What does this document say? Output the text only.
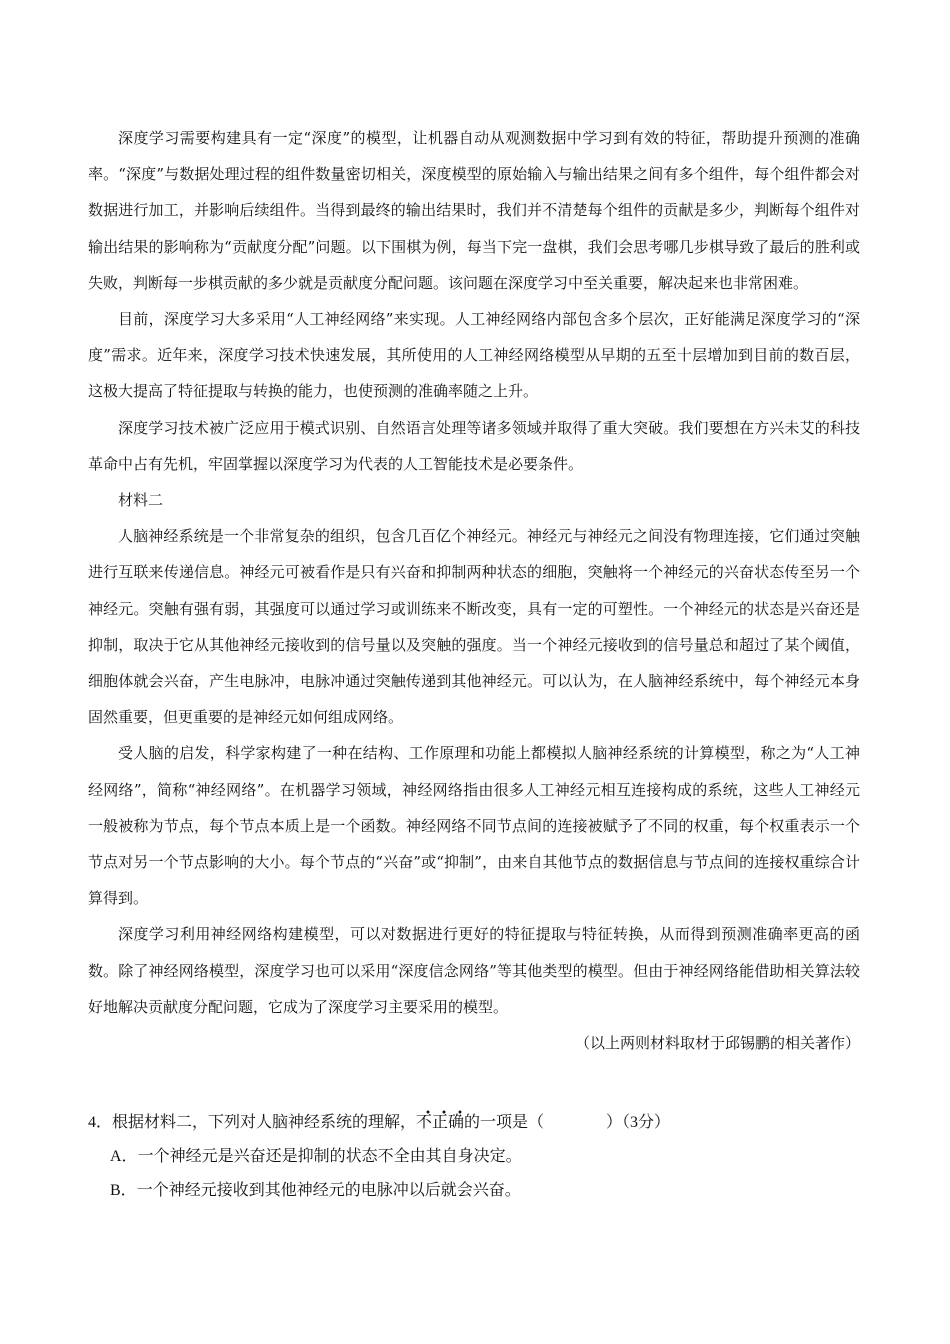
深度学习需要构建具有一定“深度”的模型，让机器自动从观测数据中学习到有效的特征，帮助提升预测的准确率。“深度”与数据处理过程的组件数量密切相关，深度模型的原始输入与输出结果之间有多个组件，每个组件都会对数据进行加工，并影响后续组件。当得到最终的输出结果时，我们并不清楚每个组件的贡献是多少，判断每个组件对输出结果的影响称为“贡献度分配”问题。以下围棋为例，每当下完一盘棋，我们会思考哪几步棋导致了最后的胜利或失败，判断每一步棋贡献的多少就是贡献度分配问题。该问题在深度学习中至关重要，解决起来也非常困难。

目前，深度学习大多采用“人工神经网络”来实现。人工神经网络内部包含多个层次，正好能满足深度学习的“深度”需求。近年来，深度学习技术快速发展，其所使用的人工神经网络模型从早期的五至十层增加到目前的数百层，这极大提高了特征提取与转换的能力，也使预测的准确率随之上升。

深度学习技术被广泛应用于模式识别、自然语言处理等诸多领域并取得了重大突破。我们要想在方兴未艾的科技革命中占有先机，牢固掌握以深度学习为代表的人工智能技术是必要条件。

材料二

人脑神经系统是一个非常复杂的组织，包含几百亿个神经元。神经元与神经元之间没有物理连接，它们通过突触进行互联来传递信息。神经元可被看作是只有兴奋和抑制两种状态的细胞，突触将一个神经元的兴奋状态传至另一个神经元。突触有强有弱，其强度可以通过学习或训练来不断改变，具有一定的可塑性。一个神经元的状态是兴奋还是抑制，取决于它从其他神经元接收到的信号量以及突触的强度。当一个神经元接收到的信号量总和超过了某个阈值，细胞体就会兴奋，产生电脉冲，电脉冲通过突触传递到其他神经元。可以认为，在人脑神经系统中，每个神经元本身固然重要，但更重要的是神经元如何组成网络。

受人脑的启发，科学家构建了一种在结构、工作原理和功能上都模拟人脑神经系统的计算模型，称之为“人工神经网络”，简称“神经网络”。在机器学习领域，神经网络指由很多人工神经元相互连接构成的系统，这些人工神经元一般被称为节点，每个节点本质上是一个函数。神经网络不同节点间的连接被赋予了不同的权重，每个权重表示一个节点对另一个节点影响的大小。每个节点的“兴奋”或“抑制”，由来自其他节点的数据信息与节点间的连接权重综合计算得到。

深度学习利用神经网络构建模型，可以对数据进行更好的特征提取与特征转换，从而得到预测准确率更高的函数。除了神经网络模型，深度学习也可以采用“深度信念网络”等其他类型的模型。但由于神经网络能借助相关算法较好地解决贡献度分配问题，它成为了深度学习主要采用的模型。

（以上两则材料取材于邱锡鹏的相关著作）

4．根据材料二，下列对人脑神经系统的理解，不正确的一项是（	）（3分）

A．一个神经元是兴奋还是抑制的状态不全由其自身决定。

B．一个神经元接收到其他神经元的电脉冲以后就会兴奋。
